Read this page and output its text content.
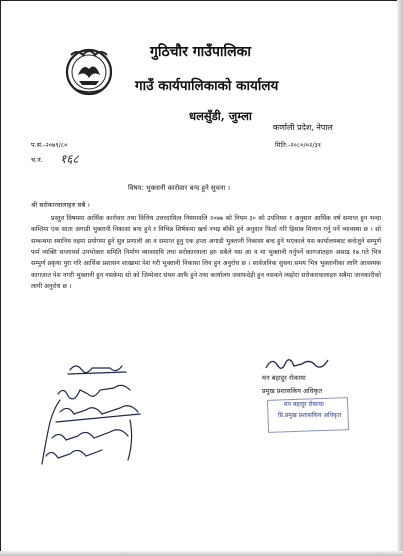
गुठिचौर गाउँपालिका
गाउँ कार्यपालिकाको कार्यालय
धलसुँडी, जुम्ला
कर्णाली प्रदेश, नेपाल
मिति:-२०८०/०२/३१
प.सं.-२०७९/८०
च.नं. १६८
विषय: भुक्तानी कारोवार बन्द हुने सुचना ।
श्री सरोकारवालाहरु सबै ।
प्रस्तुत विषयमा आर्थिक कारोवार तथा वित्तिय उत्तरदायित्व नियमावलि २०७७ को नियम ३० को उपनियम १ अनुसार आर्थिक वर्ष समाप्त हुन भन्दा कम्तिमा एक साता अगाडी भुक्तानी निकासा बन्द हुने र विभिन्न शिर्षकमा खर्च नभइ बाँकी हुने अनुदान फिर्ता गरि हिसाब मिलान गर्नु पर्ने व्यावस्था छ । सो सम्बन्धमा स्थानिय तहमा प्रयोगमा हुने सुत्र प्रणाली आ व समाप्त हुनु एक हप्ता अगाडी भुक्तानी निकासा बन्द हुने भएकाले यस कार्यालयबाट बन्देजुने सम्पुर्ण फर्म व्यक्ति सप्लायर्स उपभोक्ता समिति निर्माण व्यावसायि तथा सरोकारवाला हरु सबैले यस आ व मा भुक्तानी गर्नुपर्ने कागजातहरु असाढ १७ गते भित्र सम्पुर्ण प्रकृया पुरा गरि आर्थिक प्रशासन शाखामा पेश गरी भुक्तानी निकासा लिन हुन अनुरोध छ । सार्वजनिक सुचना समय भित्र भुक्तानीका लागि आवश्यक कागजात पेश नगरी भुक्तानी हुन नसकेमा सो को जिम्मेवार संयम आफै हुने तथा कार्यालय जवाफदेही हुन नसकने व्यहोरा सरोकारवालाहरु सबैमा जानकारीको लागी अनुरोध छ ।
मन बहादुर रोकाया
प्रमुख प्रशासकिय अधिकृत
मन बहादुर रोकाया
प्रि.प्रमुख प्रशासकिय अधिकृत
